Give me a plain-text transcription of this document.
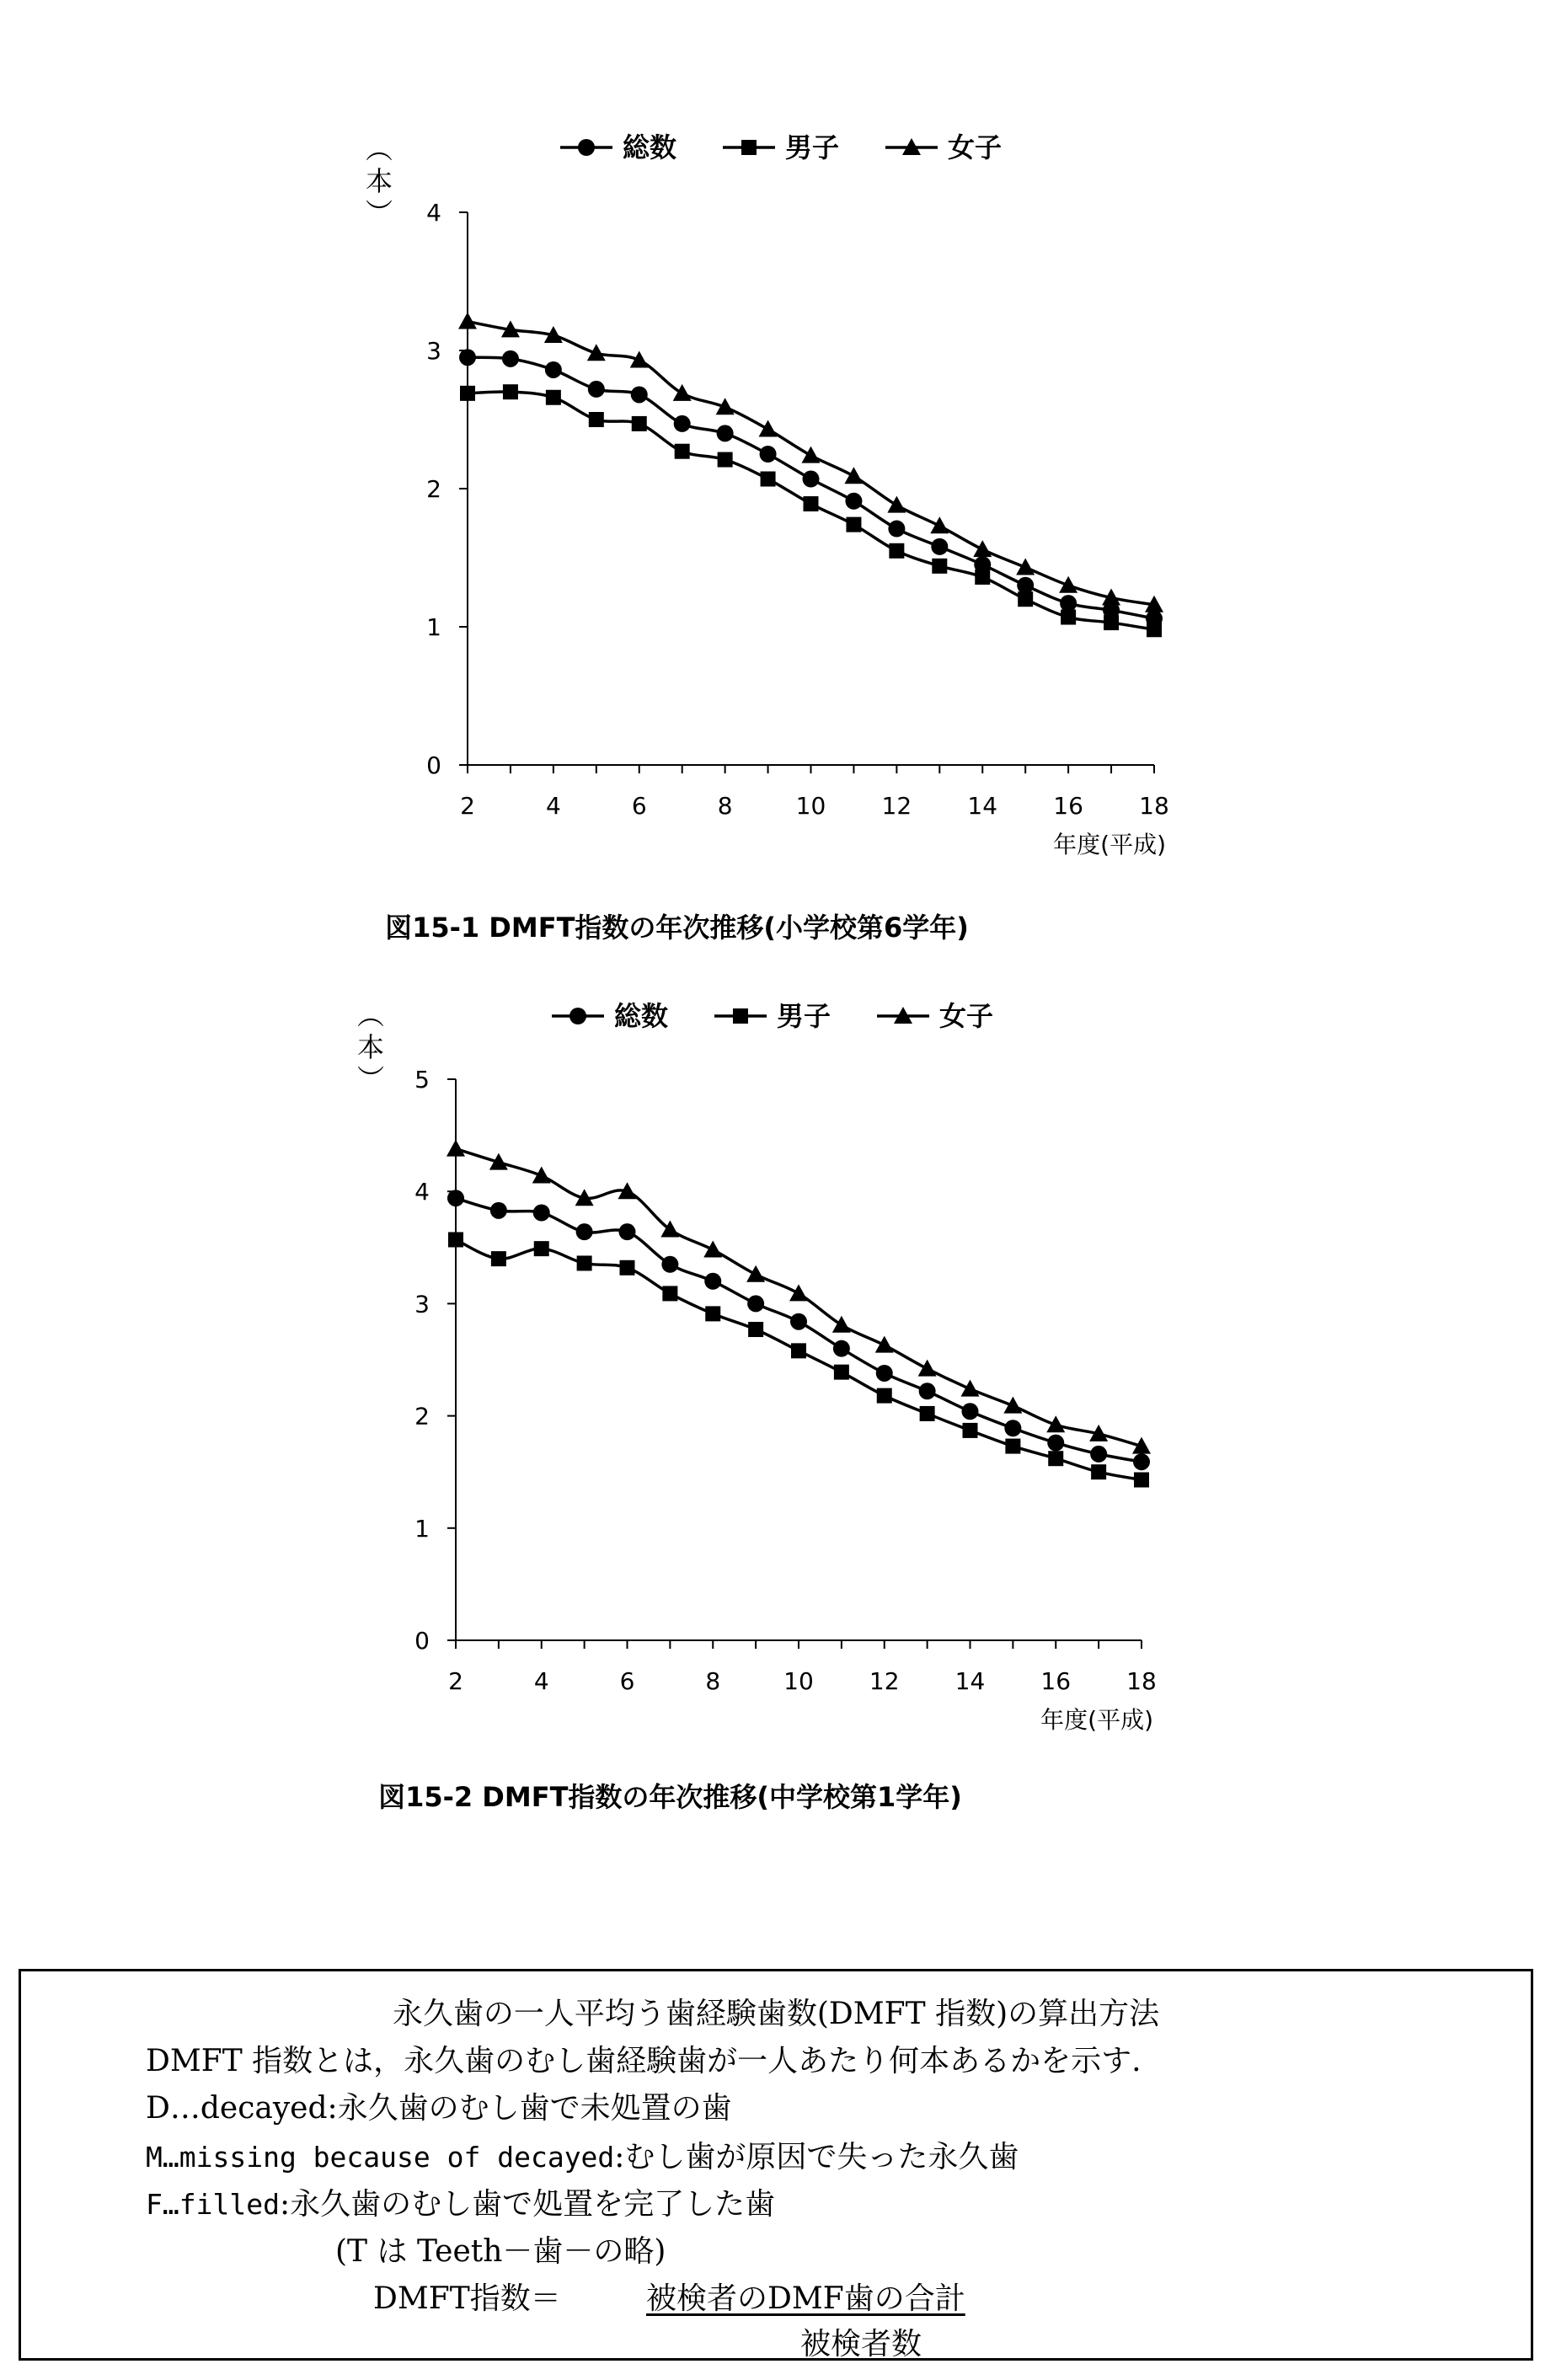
0
1
2
3
4
2	4	6	8	10 12 14 16 18
年度(平成)
︵
本
︶
総数	男子	女子
図15-1 DMFT指数の年次推移(小学校第6学年)
0
1
2
3
4
5
2	4	6	8	10 12 14 16 18
年度(平成)
︵
本
︶
総数	男子	女子
図15-2 DMFT指数の年次推移(中学校第1学年)
永久歯の一人平均う歯経験歯数(DMFT 指数)の算出方法
DMFT 指数とは，永久歯のむし歯経験歯が一人あたり何本あるかを示す.
D…decayed:永久歯のむし歯で未処置の歯
M…missing because of decayed:むし歯が原因で失った永久歯
F…filled:永久歯のむし歯で処置を完了した歯
(T は Teeth－歯－の略)
DMFT指数＝	被検者のDMF歯の合計
被検者数
